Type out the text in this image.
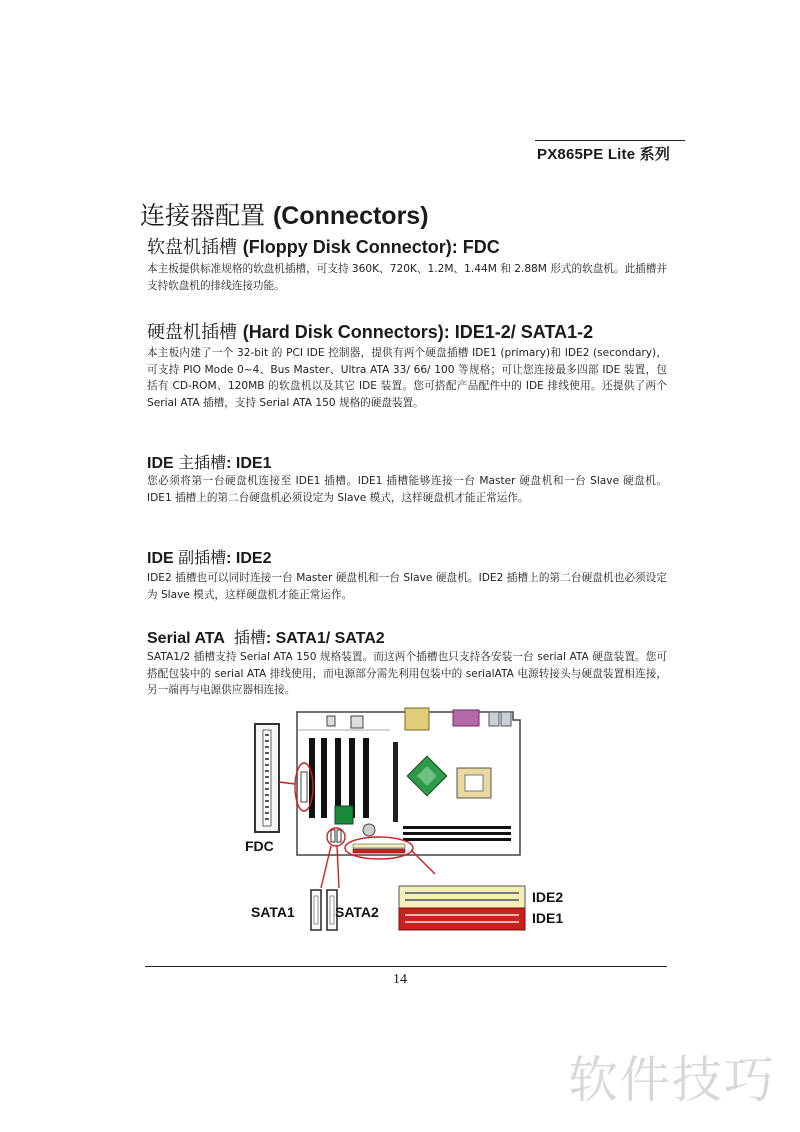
PX865PE Lite 系列
连接器配置 (Connectors)
软盘机插槽 (Floppy Disk Connector): FDC

本主板提供标准规格的软盘机插槽，可支持 360K、720K、1.2M、1.44M 和 2.88M 形式的软盘机。此插槽并支持软盘机的排线连接功能。

硬盘机插槽 (Hard Disk Connectors): IDE1-2/ SATA1-2

本主板内建了一个 32-bit 的 PCI IDE 控制器，提供有两个硬盘插槽 IDE1 (primary)和 IDE2 (secondary)，可支持 PIO Mode 0~4、Bus Master、Ultra ATA 33/ 66/ 100 等规格；可让您连接最多四部 IDE 装置，包括有 CD-ROM、120MB 的软盘机以及其它 IDE 装置。您可搭配产品配件中的 IDE 排线使用。还提供了两个 Serial ATA 插槽，支持 Serial ATA 150 规格的硬盘装置。

IDE 主插槽: IDE1

您必须将第一台硬盘机连接至 IDE1 插槽。IDE1 插槽能够连接一台 Master 硬盘机和一台 Slave 硬盘机。IDE1 插槽上的第二台硬盘机必须设定为 Slave 模式，这样硬盘机才能正常运作。

IDE 副插槽: IDE2

IDE2 插槽也可以同时连接一台 Master 硬盘机和一台 Slave 硬盘机。IDE2 插槽上的第二台硬盘机也必须设定为 Slave 模式，这样硬盘机才能正常运作。

Serial ATA 插槽: SATA1/ SATA2

SATA1/2 插槽支持 Serial ATA 150 规格装置。而这两个插槽也只支持各安装一台 serial ATA 硬盘装置。您可搭配包装中的 serial ATA 排线使用，而电源部分需先利用包装中的 serialATA 电源转接头与硬盘装置相连接，另一端再与电源供应器相连接。

FDC
SATA1	SATA2
IDE2
IDE1
14
软件技巧
